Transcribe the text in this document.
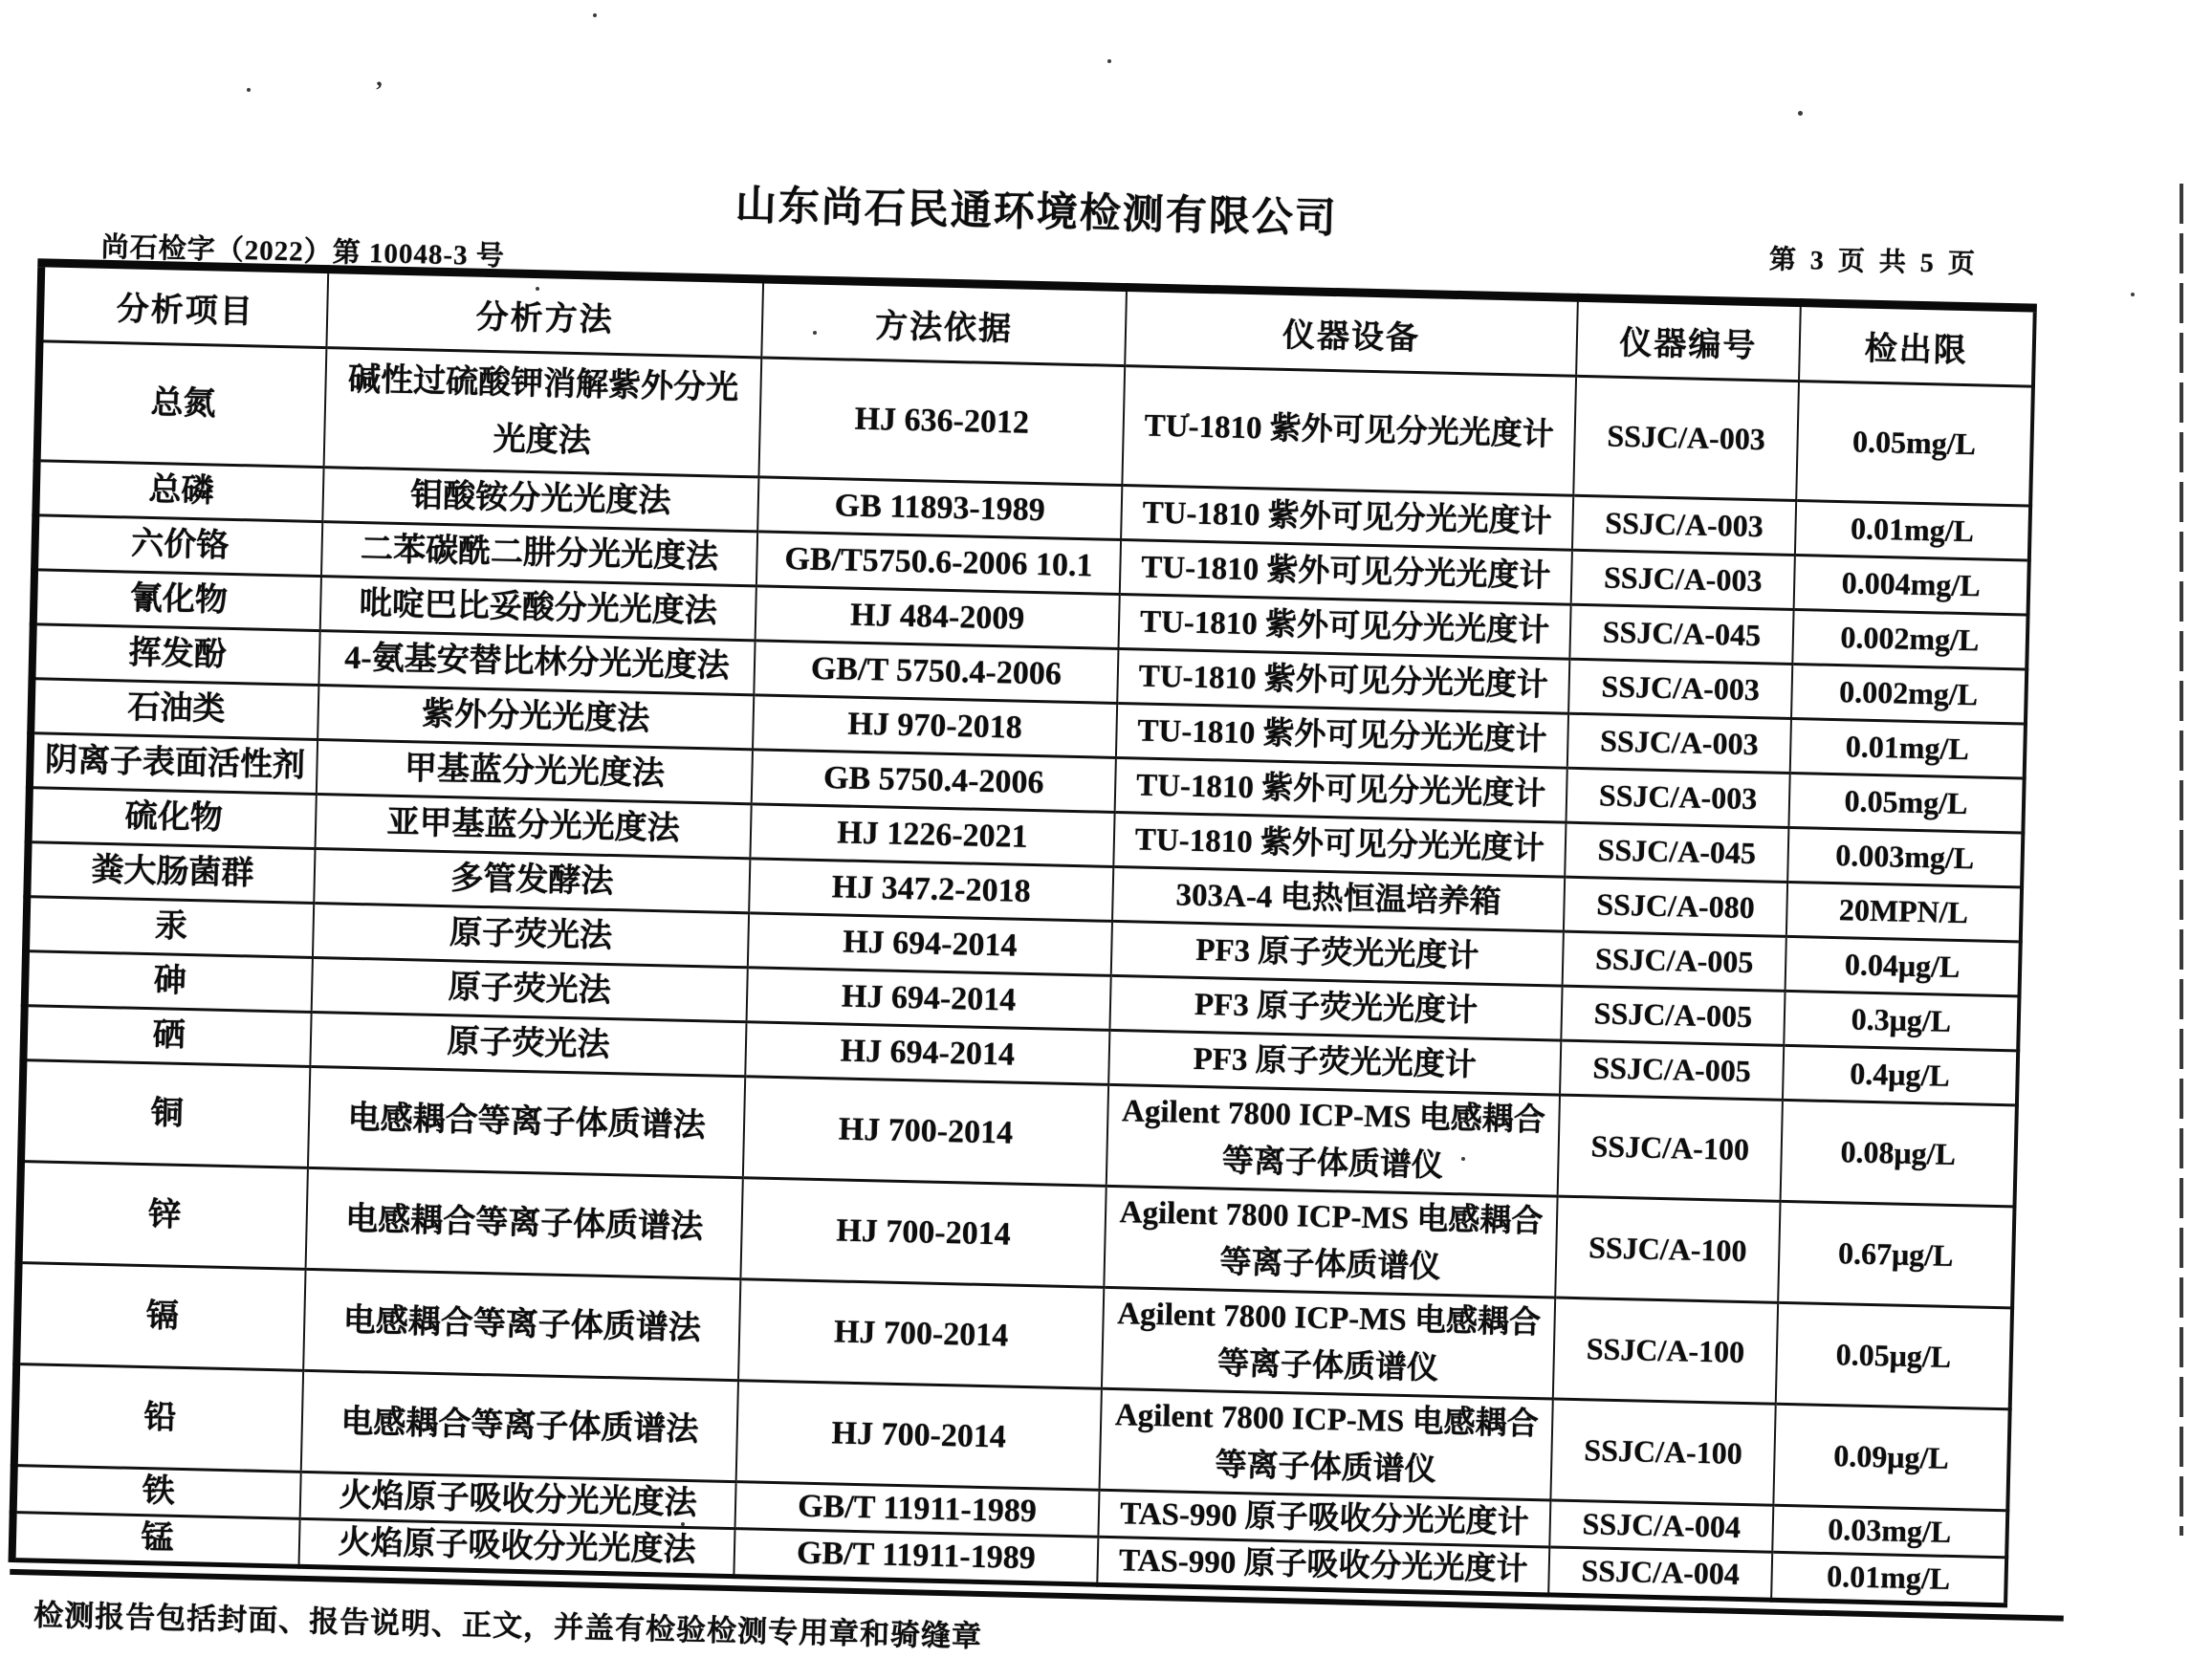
’
山东尚石民通环境检测有限公司
尚石检字（2022）第 10048-3 号	第 3 页 共 5 页
分析项目	分析方法	方法依据	仪器设备	仪器编号	检出限
总氮	碱性过硫酸钾消解紫外分光光度法	HJ 636-2012	TU-1810 紫外可见分光光度计	SSJC/A-003	0.05mg/L
总磷	钼酸铵分光光度法	GB 11893-1989	TU-1810 紫外可见分光光度计	SSJC/A-003	0.01mg/L
六价铬	二苯碳酰二肼分光光度法	GB/T5750.6-2006 10.1	TU-1810 紫外可见分光光度计	SSJC/A-003	0.004mg/L
氰化物	吡啶巴比妥酸分光光度法	HJ 484-2009	TU-1810 紫外可见分光光度计	SSJC/A-045	0.002mg/L
挥发酚	4-氨基安替比林分光光度法	GB/T 5750.4-2006	TU-1810 紫外可见分光光度计	SSJC/A-003	0.002mg/L
石油类	紫外分光光度法	HJ 970-2018	TU-1810 紫外可见分光光度计	SSJC/A-003	0.01mg/L
阴离子表面活性剂	甲基蓝分光光度法	GB 5750.4-2006	TU-1810 紫外可见分光光度计	SSJC/A-003	0.05mg/L
硫化物	亚甲基蓝分光光度法	HJ 1226-2021	TU-1810 紫外可见分光光度计	SSJC/A-045	0.003mg/L
粪大肠菌群	多管发酵法	HJ 347.2-2018	303A-4 电热恒温培养箱	SSJC/A-080	20MPN/L
汞	原子荧光法	HJ 694-2014	PF3 原子荧光光度计	SSJC/A-005	0.04μg/L
砷	原子荧光法	HJ 694-2014	PF3 原子荧光光度计	SSJC/A-005	0.3μg/L
硒	原子荧光法	HJ 694-2014	PF3 原子荧光光度计	SSJC/A-005	0.4μg/L
铜	电感耦合等离子体质谱法	HJ 700-2014	Agilent 7800 ICP-MS 电感耦合等离子体质谱仪	SSJC/A-100	0.08μg/L
锌	电感耦合等离子体质谱法	HJ 700-2014	Agilent 7800 ICP-MS 电感耦合等离子体质谱仪	SSJC/A-100	0.67μg/L
镉	电感耦合等离子体质谱法	HJ 700-2014	Agilent 7800 ICP-MS 电感耦合等离子体质谱仪	SSJC/A-100	0.05μg/L
铅	电感耦合等离子体质谱法	HJ 700-2014	Agilent 7800 ICP-MS 电感耦合等离子体质谱仪	SSJC/A-100	0.09μg/L
铁	火焰原子吸收分光光度法	GB/T 11911-1989	TAS-990 原子吸收分光光度计	SSJC/A-004	0.03mg/L
锰	火焰原子吸收分光光度法	GB/T 11911-1989	TAS-990 原子吸收分光光度计	SSJC/A-004	0.01mg/L
检测报告包括封面、报告说明、正文，并盖有检验检测专用章和骑缝章
